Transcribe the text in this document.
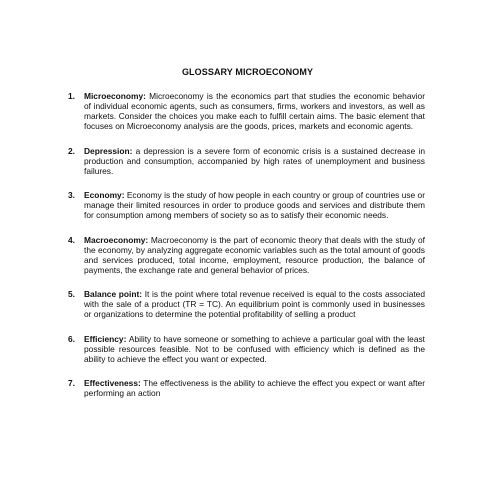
GLOSSARY MICROECONOMY
1. Microeconomy: Microeconomy is the economics part that studies the economic behavior of individual economic agents, such as consumers, firms, workers and investors, as well as markets. Consider the choices you make each to fulfill certain aims. The basic element that focuses on Microeconomy analysis are the goods, prices, markets and economic agents.
2. Depression: a depression is a severe form of economic crisis is a sustained decrease in production and consumption, accompanied by high rates of unemployment and business failures.
3. Economy: Economy is the study of how people in each country or group of countries use or manage their limited resources in order to produce goods and services and distribute them for consumption among members of society so as to satisfy their economic needs.
4. Macroeconomy: Macroeconomy is the part of economic theory that deals with the study of the economy, by analyzing aggregate economic variables such as the total amount of goods and services produced, total income, employment, resource production, the balance of payments, the exchange rate and general behavior of prices.
5. Balance point: It is the point where total revenue received is equal to the costs associated with the sale of a product (TR = TC). An equilibrium point is commonly used in businesses or organizations to determine the potential profitability of selling a product
6. Efficiency: Ability to have someone or something to achieve a particular goal with the least possible resources feasible. Not to be confused with efficiency which is defined as the ability to achieve the effect you want or expected.
7. Effectiveness: The effectiveness is the ability to achieve the effect you expect or want after performing an action
